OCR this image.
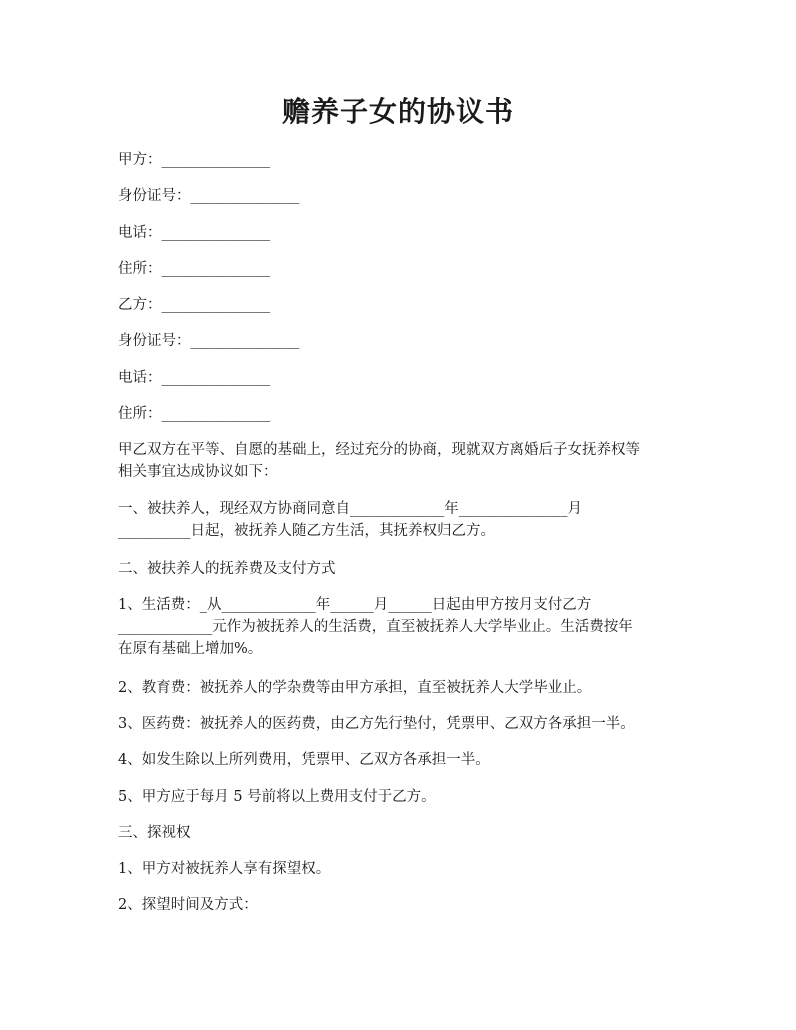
赡养子女的协议书
甲方：_______________
身份证号：_______________
电话：_______________
住所：_______________
乙方：_______________
身份证号：_______________
电话：_______________
住所：_______________
甲乙双方在平等、自愿的基础上，经过充分的协商，现就双方离婚后子女抚养权等
相关事宜达成协议如下：
一、被扶养人，现经双方协商同意自_____________年_______________月
__________日起，被抚养人随乙方生活，其抚养权归乙方。
二、被扶养人的抚养费及支付方式
1、生活费：_从_____________年______月______日起由甲方按月支付乙方
_____________元作为被抚养人的生活费，直至被抚养人大学毕业止。生活费按年
在原有基础上增加%。
2、教育费：被抚养人的学杂费等由甲方承担，直至被抚养人大学毕业止。
3、医药费：被抚养人的医药费，由乙方先行垫付，凭票甲、乙双方各承担一半。
4、如发生除以上所列费用，凭票甲、乙双方各承担一半。
5、甲方应于每月 5 号前将以上费用支付于乙方。
三、探视权
1、甲方对被抚养人享有探望权。
2、探望时间及方式：
